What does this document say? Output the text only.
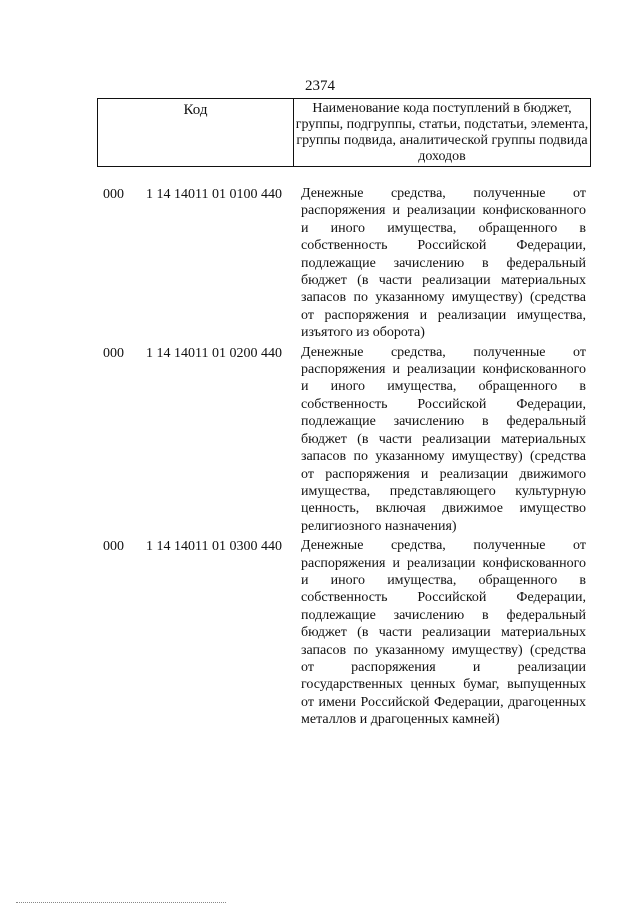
2374
Код	Наименование кода поступлений в бюджет, группы, подгруппы, статьи, подстатьи, элемента, группы подвида, аналитической группы подвида доходов
000 1 14 14011 01 0100 440 Денежные средства, полученные от распоряжения и реализации конфискованного и иного имущества, обращенного в собственность Российской Федерации, подлежащие зачислению в федеральный бюджет (в части реализации материальных запасов по указанному имуществу) (средства от распоряжения и реализации имущества, изъятого из оборота)
000 1 14 14011 01 0200 440 Денежные средства, полученные от распоряжения и реализации конфискованного и иного имущества, обращенного в собственность Российской Федерации, подлежащие зачислению в федеральный бюджет (в части реализации материальных запасов по указанному имуществу) (средства от распоряжения и реализации движимого имущества, представляющего культурную ценность, включая движимое имущество религиозного назначения)
000 1 14 14011 01 0300 440 Денежные средства, полученные от распоряжения и реализации конфискованного и иного имущества, обращенного в собственность Российской Федерации, подлежащие зачислению в федеральный бюджет (в части реализации материальных запасов по указанному имуществу) (средства от распоряжения и реализации государственных ценных бумаг, выпущенных от имени Российской Федерации, драгоценных металлов и драгоценных камней)
